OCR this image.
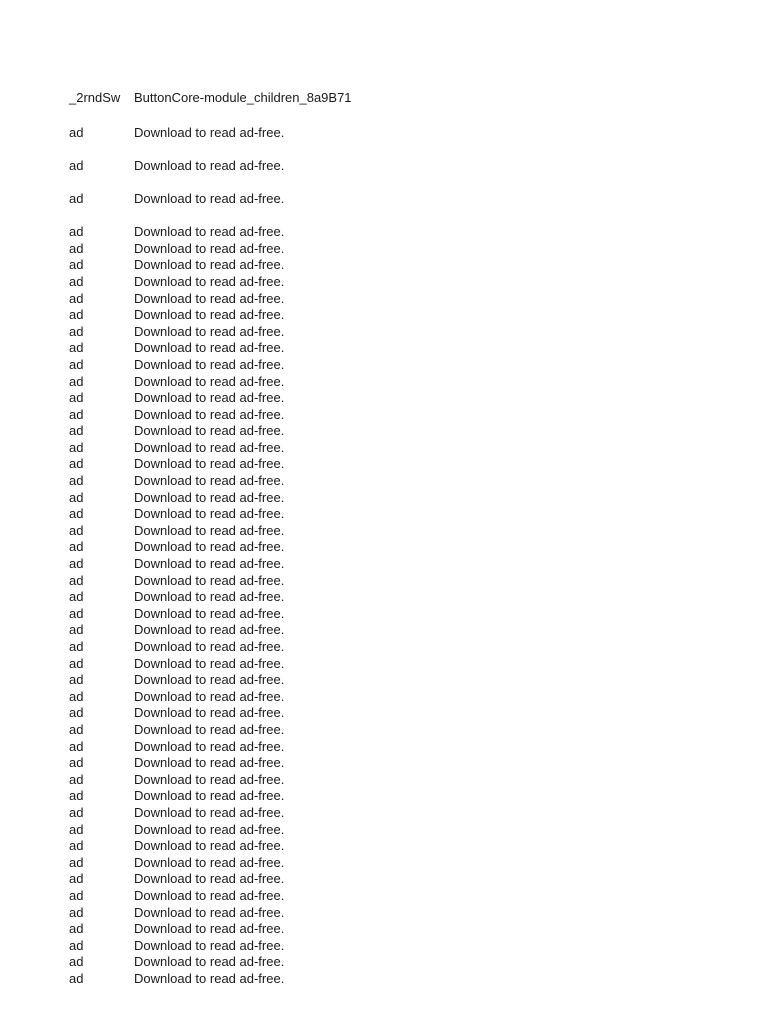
_2rndSw	ButtonCore-module_children_8a9B71
ad	Download to read ad-free.
ad	Download to read ad-free.
ad	Download to read ad-free.
ad	Download to read ad-free.
ad	Download to read ad-free.
ad	Download to read ad-free.
ad	Download to read ad-free.
ad	Download to read ad-free.
ad	Download to read ad-free.
ad	Download to read ad-free.
ad	Download to read ad-free.
ad	Download to read ad-free.
ad	Download to read ad-free.
ad	Download to read ad-free.
ad	Download to read ad-free.
ad	Download to read ad-free.
ad	Download to read ad-free.
ad	Download to read ad-free.
ad	Download to read ad-free.
ad	Download to read ad-free.
ad	Download to read ad-free.
ad	Download to read ad-free.
ad	Download to read ad-free.
ad	Download to read ad-free.
ad	Download to read ad-free.
ad	Download to read ad-free.
ad	Download to read ad-free.
ad	Download to read ad-free.
ad	Download to read ad-free.
ad	Download to read ad-free.
ad	Download to read ad-free.
ad	Download to read ad-free.
ad	Download to read ad-free.
ad	Download to read ad-free.
ad	Download to read ad-free.
ad	Download to read ad-free.
ad	Download to read ad-free.
ad	Download to read ad-free.
ad	Download to read ad-free.
ad	Download to read ad-free.
ad	Download to read ad-free.
ad	Download to read ad-free.
ad	Download to read ad-free.
ad	Download to read ad-free.
ad	Download to read ad-free.
ad	Download to read ad-free.
ad	Download to read ad-free.
ad	Download to read ad-free.
ad	Download to read ad-free.
